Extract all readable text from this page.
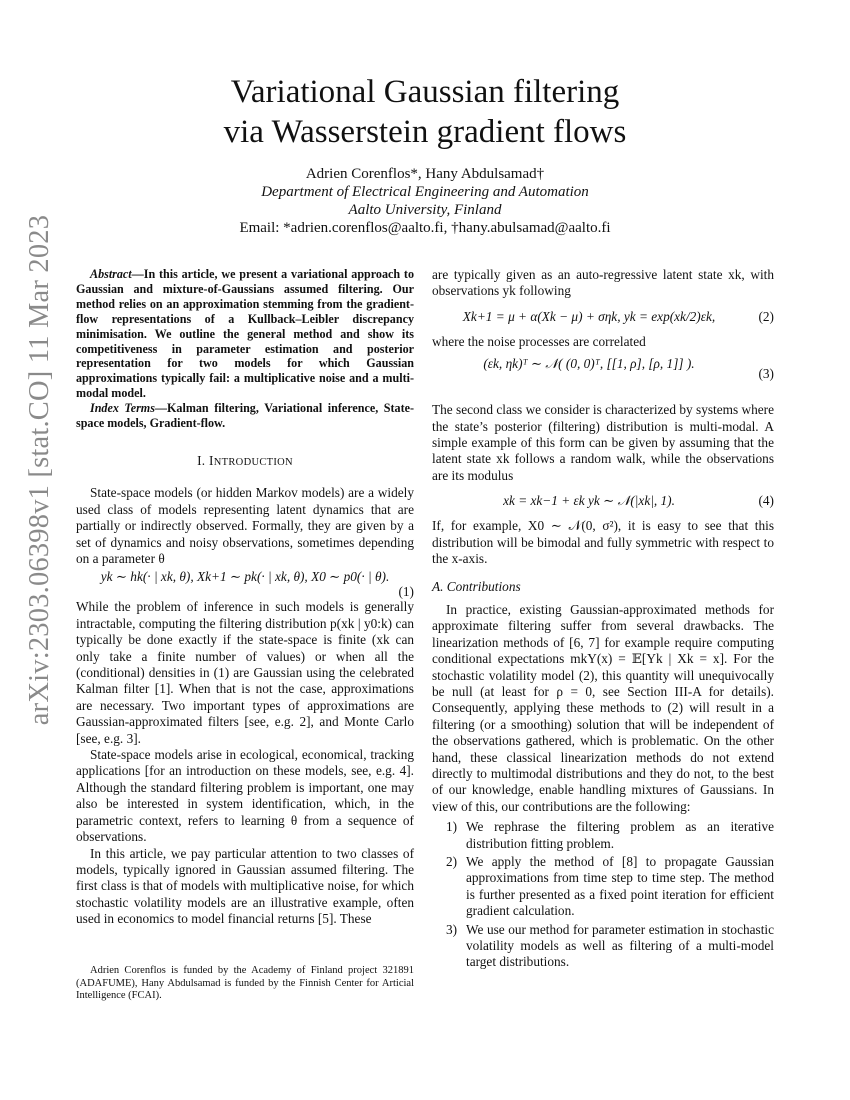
arXiv:2303.06398v1 [stat.CO] 11 Mar 2023
Variational Gaussian filtering
via Wasserstein gradient flows
Adrien Corenflos*, Hany Abdulsamad†
Department of Electrical Engineering and Automation
Aalto University, Finland
Email: *adrien.corenflos@aalto.fi, †hany.abulsamad@aalto.fi

Abstract—In this article, we present a variational approach to Gaussian and mixture-of-Gaussians assumed filtering. Our method relies on an approximation stemming from the gradient-flow representations of a Kullback–Leibler discrepancy minimisation. We outline the general method and show its competitiveness in parameter estimation and posterior representation for two models for which Gaussian approximations typically fail: a multiplicative noise and a multi-modal model.

Index Terms—Kalman filtering, Variational inference, State-space models, Gradient-flow.

I. INTRODUCTION

State-space models (or hidden Markov models) are a widely used class of models representing latent dynamics that are partially or indirectly observed. Formally, they are given by a set of dynamics and noisy observations, sometimes depending on a parameter θ

yk ∼ hk(· | xk, θ), Xk+1 ∼ pk(· | xk, θ), X0 ∼ p0(· | θ).
(1)

While the problem of inference in such models is generally intractable, computing the filtering distribution p(xk | y0:k) can typically be done exactly if the state-space is finite (xk can only take a finite number of values) or when all the (conditional) densities in (1) are Gaussian using the celebrated Kalman filter [1]. When that is not the case, approximations are necessary. Two important types of approximations are Gaussian-approximated filters [see, e.g. 2], and Monte Carlo [see, e.g. 3].

State-space models arise in ecological, economical, tracking applications [for an introduction on these models, see, e.g. 4]. Although the standard filtering problem is important, one may also be interested in system identification, which, in the parametric context, refers to learning θ from a sequence of observations.

In this article, we pay particular attention to two classes of models, typically ignored in Gaussian assumed filtering. The first class is that of models with multiplicative noise, for which stochastic volatility models are an illustrative example, often used in economics to model financial returns [5]. These

Adrien Corenflos is funded by the Academy of Finland project 321891 (ADAFUME), Hany Abdulsamad is funded by the Finnish Center for Articial Intelligence (FCAI).

are typically given as an auto-regressive latent state xk, with observations yk following

Xk+1 = μ + α(Xk − μ) + σηk, yk = exp(xk/2)εk,	(2)

where the noise processes are correlated

(εk, ηk)ᵀ ∼ 𝒩( (0, 0)ᵀ, [[1, ρ], [ρ, 1]] ).
(3)

The second class we consider is characterized by systems where the state’s posterior (filtering) distribution is multi-modal. A simple example of this form can be given by assuming that the latent state xk follows a random walk, while the observations are its modulus

xk = xk−1 + εk yk ∼ 𝒩(|xk|, 1).	(4)

If, for example, X0 ∼ 𝒩(0, σ²), it is easy to see that this distribution will be bimodal and fully symmetric with respect to the x-axis.

A. Contributions

In practice, existing Gaussian-approximated methods for approximate filtering suffer from several drawbacks. The linearization methods of [6, 7] for example require computing conditional expectations mkY(x) = 𝔼[Yk | Xk = x]. For the stochastic volatility model (2), this quantity will unequivocally be null (at least for ρ = 0, see Section III-A for details). Consequently, applying these methods to (2) will result in a filtering (or a smoothing) solution that will be independent of the observations gathered, which is problematic. On the other hand, these classical linearization methods do not extend directly to multimodal distributions and they do not, to the best of our knowledge, enable handling mixtures of Gaussians. In view of this, our contributions are the following:

1) We rephrase the filtering problem as an iterative distribution fitting problem.
2) We apply the method of [8] to propagate Gaussian approximations from time step to time step. The method is further presented as a fixed point iteration for efficient gradient calculation.
3) We use our method for parameter estimation in stochastic volatility models as well as filtering of a multi-model target distributions.
